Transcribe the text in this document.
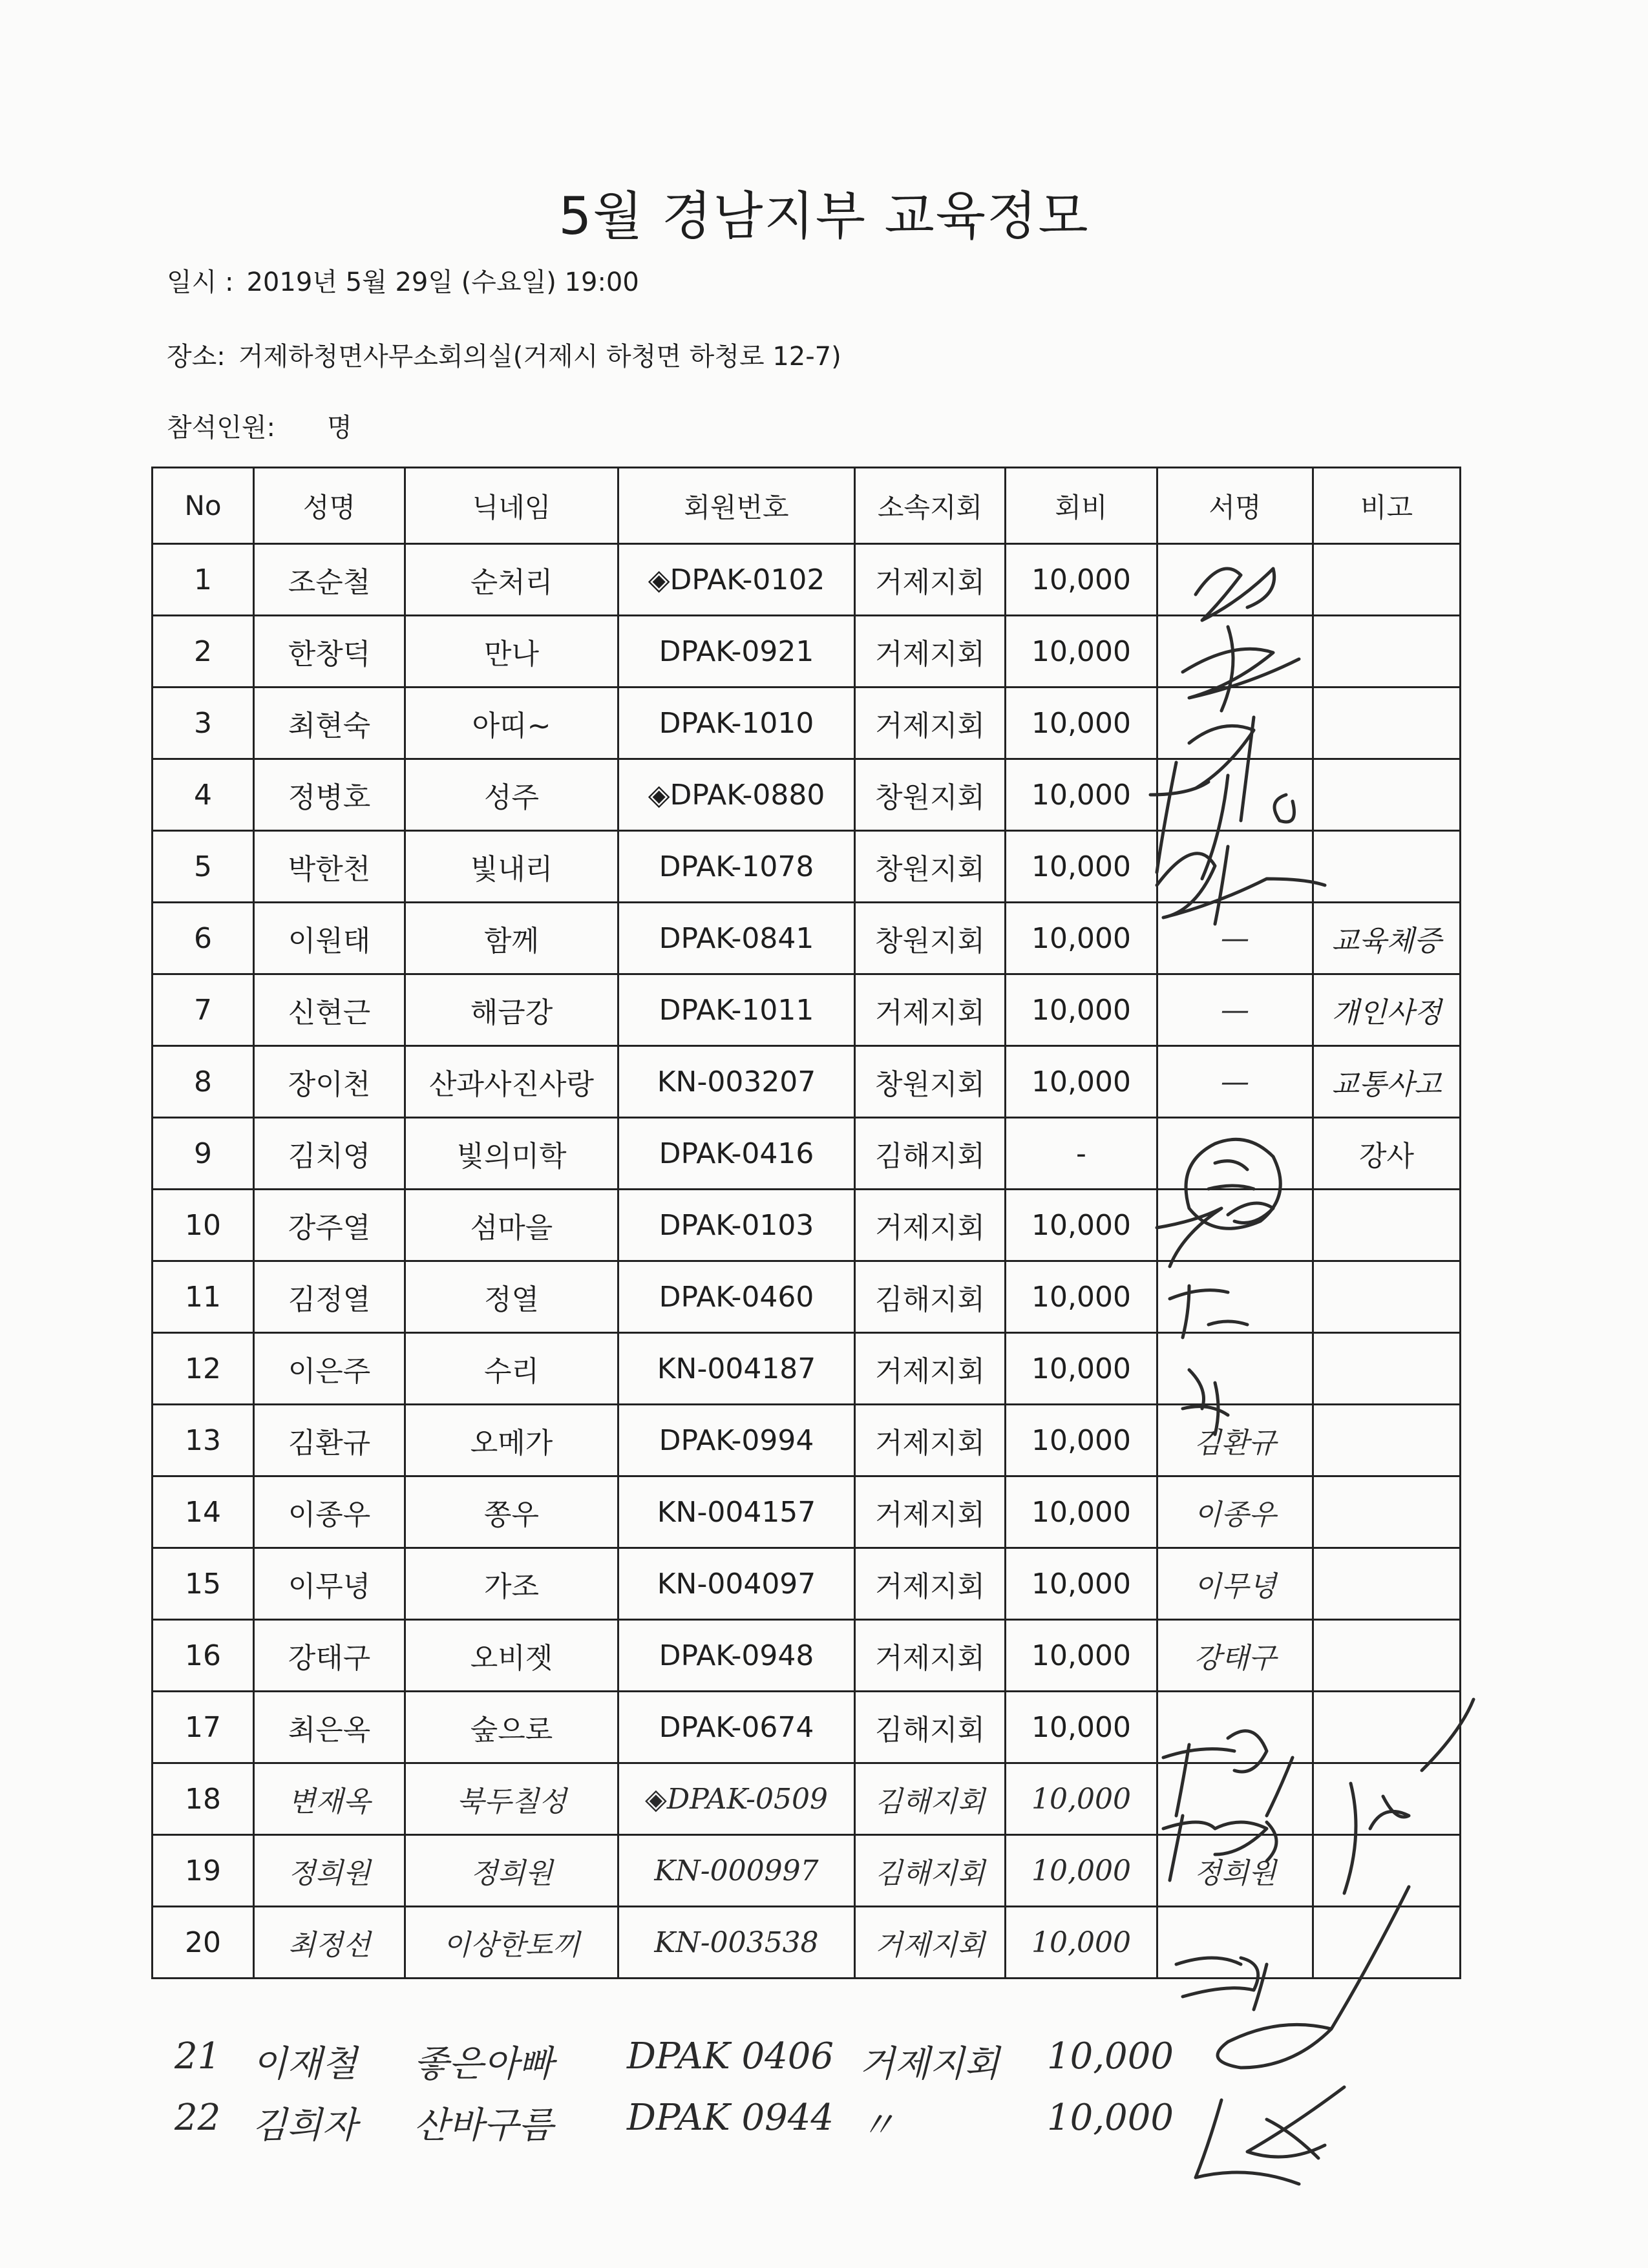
5월 경남지부 교육정모
일시 : 2019년 5월 29일 (수요일) 19:00
장소: 거제하청면사무소회의실(거제시 하청면 하청로 12-7)
참석인원: 명
No	성명	닉네임	회원번호	소속지회	회비	서명	비고
1	조순철	순처리	◈DPAK-0102	거제지회	10,000		
2	한창덕	만나	DPAK-0921	거제지회	10,000		
3	최현숙	아띠~	DPAK-1010	거제지회	10,000		
4	정병호	성주	◈DPAK-0880	창원지회	10,000		
5	박한천	빛내리	DPAK-1078	창원지회	10,000		
6	이원태	함께	DPAK-0841	창원지회	10,000	—	교육체증
7	신현근	해금강	DPAK-1011	거제지회	10,000	—	개인사정
8	장이천	산과사진사랑	KN-003207	창원지회	10,000	—	교통사고
9	김치영	빛의미학	DPAK-0416	김해지회	-		강사
10	강주열	섬마을	DPAK-0103	거제지회	10,000		
11	김정열	정열	DPAK-0460	김해지회	10,000		
12	이은주	수리	KN-004187	거제지회	10,000		
13	김환규	오메가	DPAK-0994	거제지회	10,000	김환규	
14	이종우	쫑우	KN-004157	거제지회	10,000	이종우	
15	이무녕	가조	KN-004097	거제지회	10,000	이무녕	
16	강태구	오비젯	DPAK-0948	거제지회	10,000	강태구	
17	최은옥	숲으로	DPAK-0674	김해지회	10,000		
18	변재옥	북두칠성	◈DPAK-0509	김해지회	10,000		
19	정희원	정희원	KN-000997	김해지회	10,000	정희원	
20	최정선	이상한토끼	KN-003538	거제지회	10,000		
21 이재철 좋은아빠 DPAK 0406 거제지회 10,000
22 김희자 산바구름 DPAK 0944 〃	10,000
